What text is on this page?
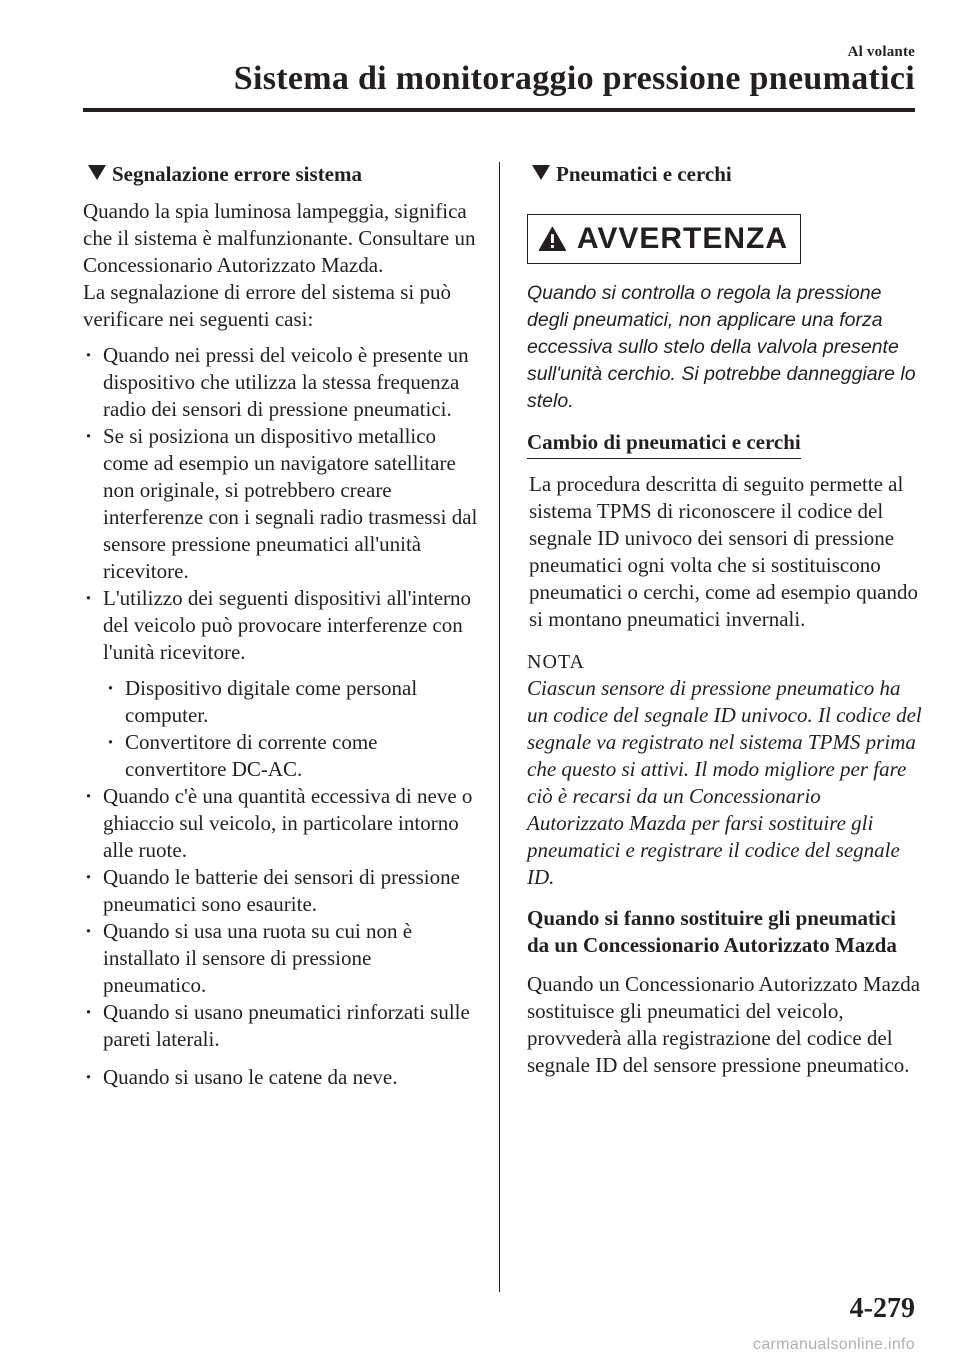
Al volante
Sistema di monitoraggio pressione pneumatici
Segnalazione errore sistema

Quando la spia luminosa lampeggia, significa che il sistema è malfunzionante. Consultare un Concessionario Autorizzato Mazda.

La segnalazione di errore del sistema si può verificare nei seguenti casi:

· Quando nei pressi del veicolo è presente un dispositivo che utilizza la stessa frequenza radio dei sensori di pressione pneumatici.
· Se si posiziona un dispositivo metallico come ad esempio un navigatore satellitare non originale, si potrebbero creare interferenze con i segnali radio trasmessi dal sensore pressione pneumatici all'unità ricevitore.
· L'utilizzo dei seguenti dispositivi all'interno del veicolo può provocare interferenze con l'unità ricevitore.
· Dispositivo digitale come personal computer.
· Convertitore di corrente come convertitore DC-AC.
· Quando c'è una quantità eccessiva di neve o ghiaccio sul veicolo, in particolare intorno alle ruote.
· Quando le batterie dei sensori di pressione pneumatici sono esaurite.
· Quando si usa una ruota su cui non è installato il sensore di pressione pneumatico.
· Quando si usano pneumatici rinforzati sulle pareti laterali.
· Quando si usano le catene da neve.
Pneumatici e cerchi
AVVERTENZA

Quando si controlla o regola la pressione degli pneumatici, non applicare una forza eccessiva sullo stelo della valvola presente sull'unità cerchio. Si potrebbe danneggiare lo stelo.

Cambio di pneumatici e cerchi

La procedura descritta di seguito permette al sistema TPMS di riconoscere il codice del segnale ID univoco dei sensori di pressione pneumatici ogni volta che si sostituiscono pneumatici o cerchi, come ad esempio quando si montano pneumatici invernali.

NOTA

Ciascun sensore di pressione pneumatico ha un codice del segnale ID univoco. Il codice del segnale va registrato nel sistema TPMS prima che questo si attivi. Il modo migliore per fare ciò è recarsi da un Concessionario Autorizzato Mazda per farsi sostituire gli pneumatici e registrare il codice del segnale ID.

Quando si fanno sostituire gli pneumatici da un Concessionario Autorizzato Mazda

Quando un Concessionario Autorizzato Mazda sostituisce gli pneumatici del veicolo, provvederà alla registrazione del codice del segnale ID del sensore pressione pneumatico.

4-279
carmanualsonline.info
